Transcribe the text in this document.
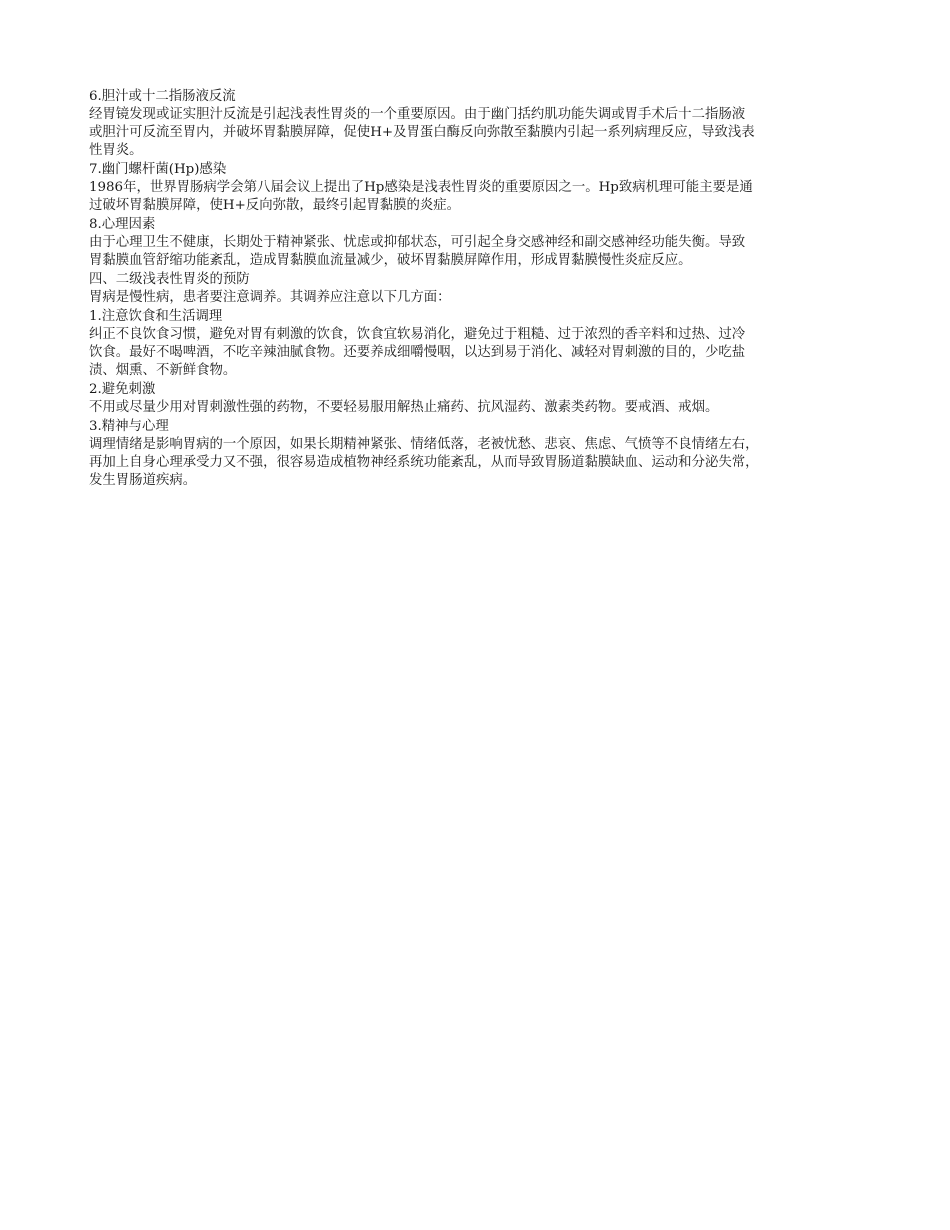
6.胆汁或十二指肠液反流

经胃镜发现或证实胆汁反流是引起浅表性胃炎的一个重要原因。由于幽门括约肌功能失调或胃手术后十二指肠液

或胆汁可反流至胃内，并破坏胃黏膜屏障，促使H+及胃蛋白酶反向弥散至黏膜内引起一系列病理反应，导致浅表

性胃炎。

7.幽门螺杆菌(Hp)感染

1986年，世界胃肠病学会第八届会议上提出了Hp感染是浅表性胃炎的重要原因之一。Hp致病机理可能主要是通

过破坏胃黏膜屏障，使H+反向弥散，最终引起胃黏膜的炎症。

8.心理因素

由于心理卫生不健康，长期处于精神紧张、忧虑或抑郁状态，可引起全身交感神经和副交感神经功能失衡。导致

胃黏膜血管舒缩功能紊乱，造成胃黏膜血流量减少，破坏胃黏膜屏障作用，形成胃黏膜慢性炎症反应。

四、二级浅表性胃炎的预防

胃病是慢性病，患者要注意调养。其调养应注意以下几方面：

1.注意饮食和生活调理

纠正不良饮食习惯，避免对胃有刺激的饮食，饮食宜软易消化，避免过于粗糙、过于浓烈的香辛料和过热、过冷

饮食。最好不喝啤酒，不吃辛辣油腻食物。还要养成细嚼慢咽，以达到易于消化、减轻对胃刺激的目的，少吃盐

渍、烟熏、不新鲜食物。

2.避免刺激

不用或尽量少用对胃刺激性强的药物，不要轻易服用解热止痛药、抗风湿药、激素类药物。要戒酒、戒烟。

3.精神与心理

调理情绪是影响胃病的一个原因，如果长期精神紧张、情绪低落，老被忧愁、悲哀、焦虑、气愤等不良情绪左右，

再加上自身心理承受力又不强，很容易造成植物神经系统功能紊乱，从而导致胃肠道黏膜缺血、运动和分泌失常，

发生胃肠道疾病。
